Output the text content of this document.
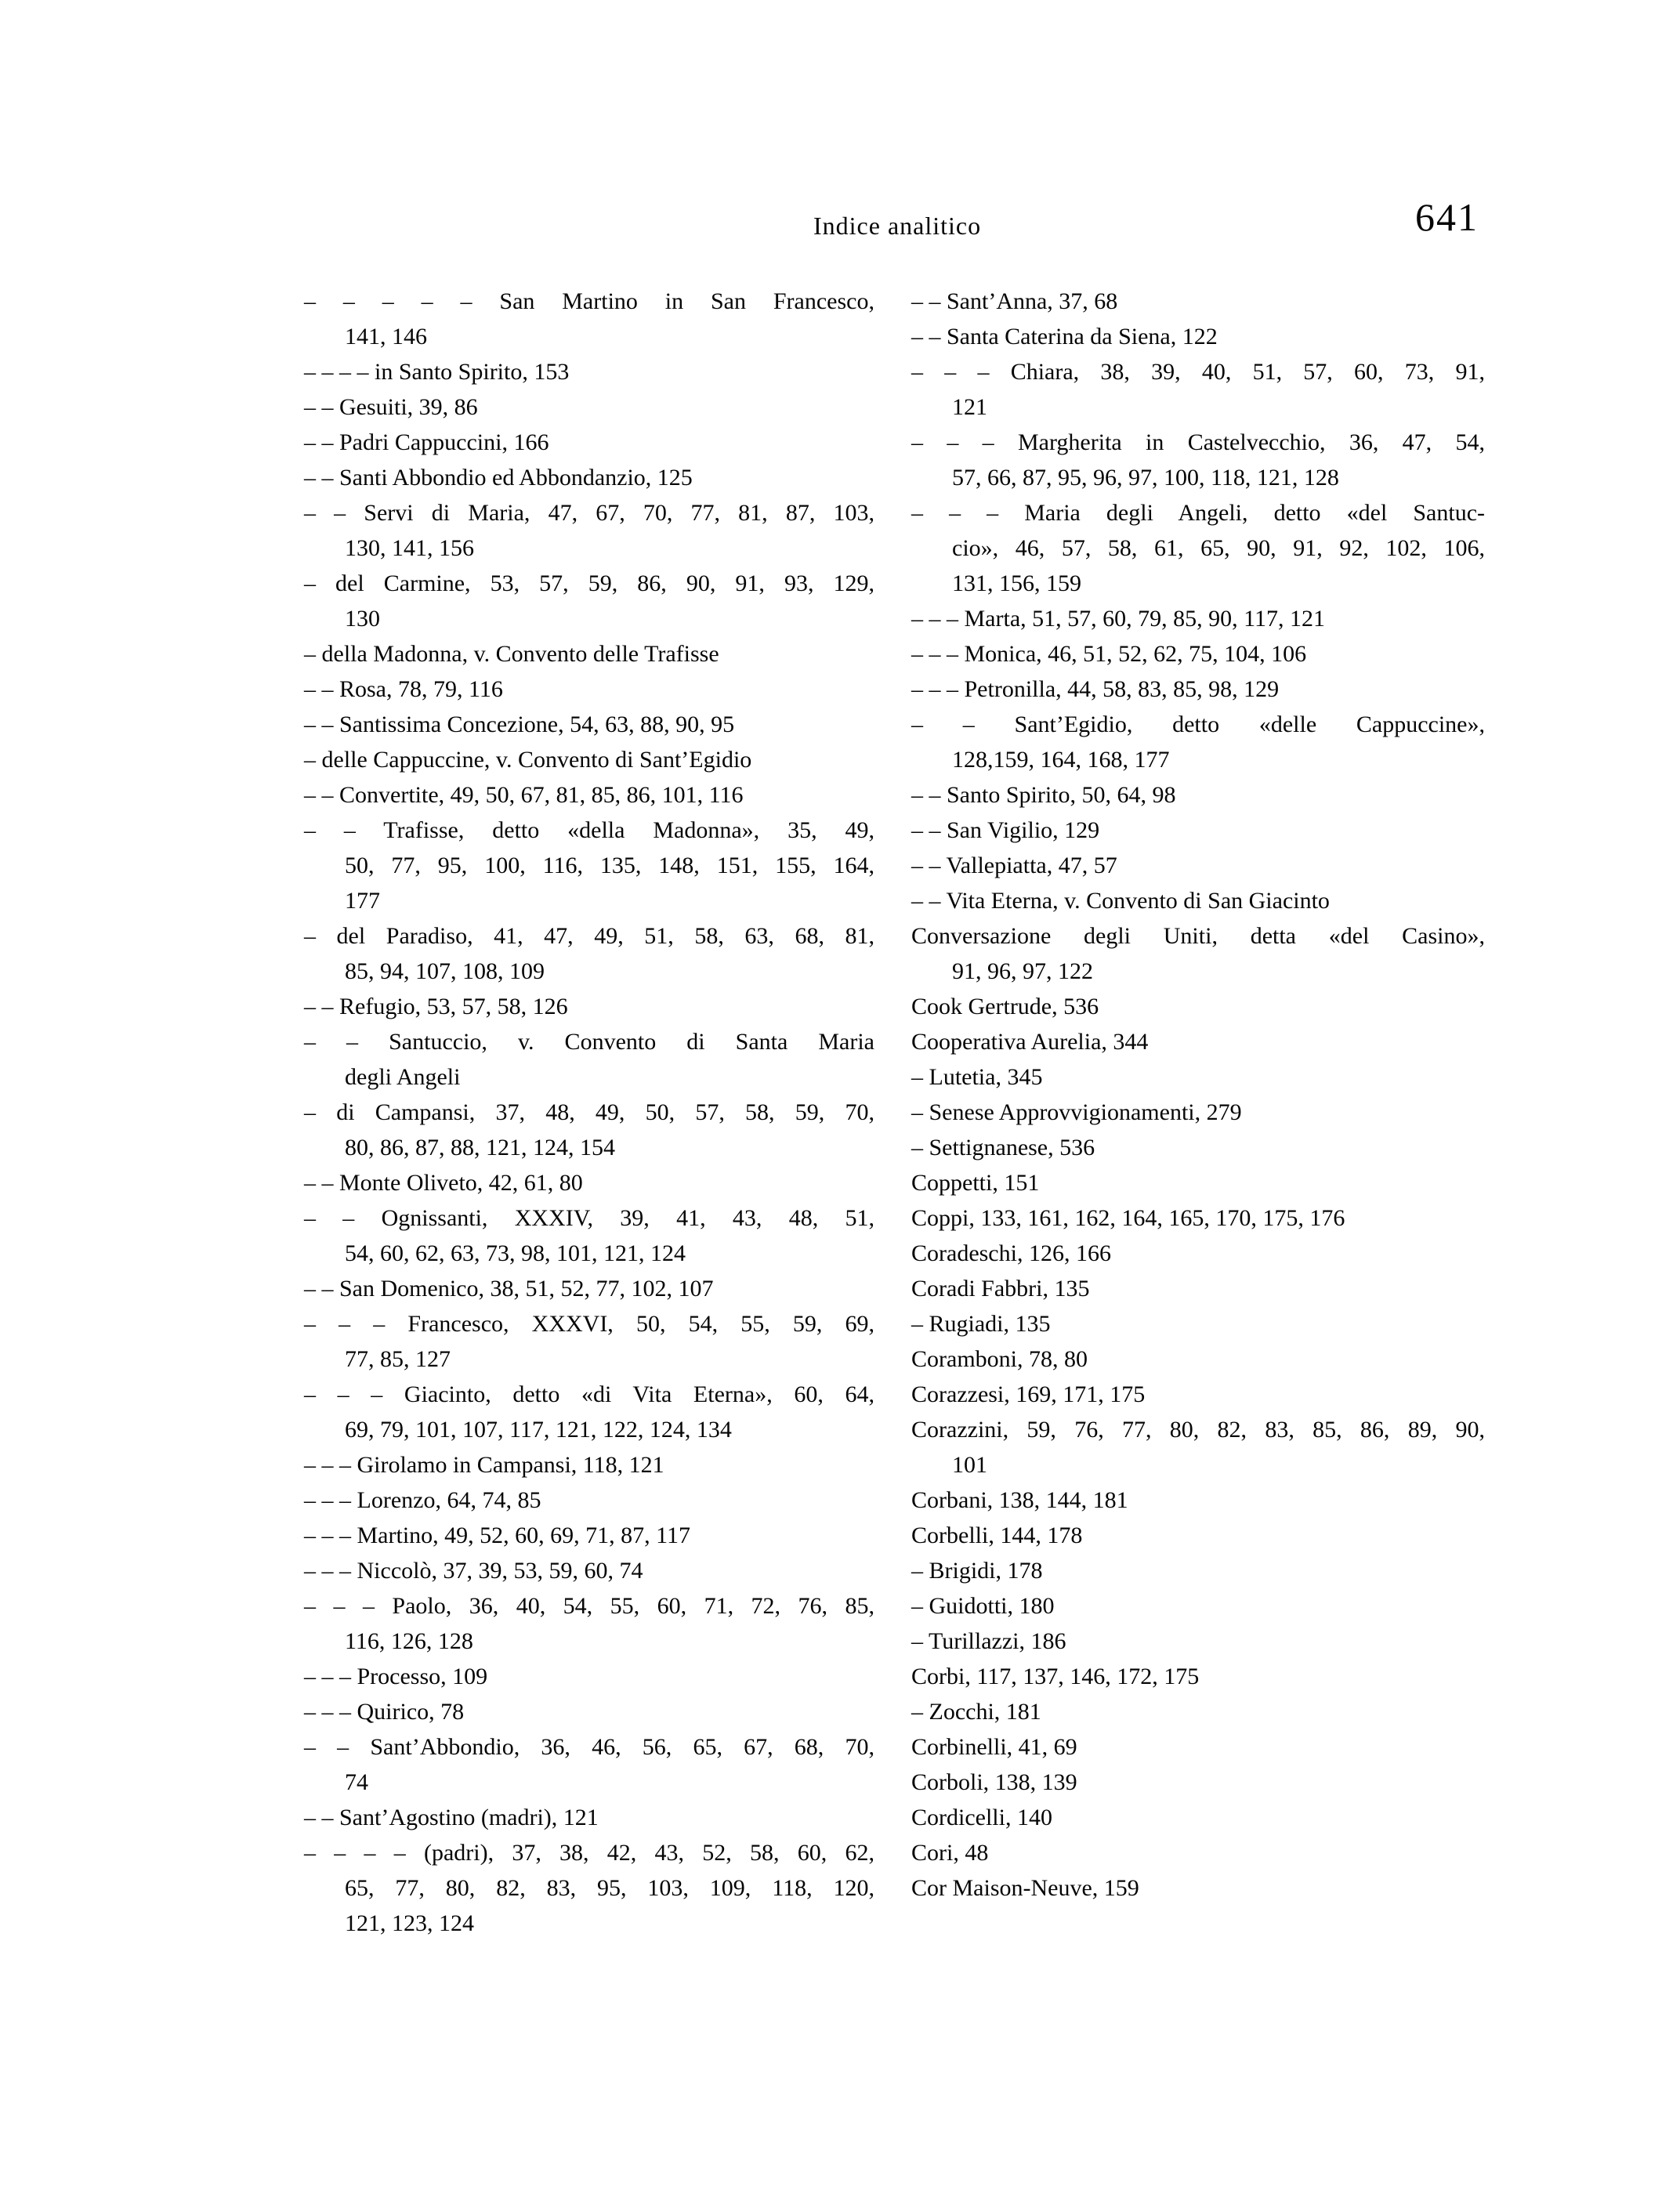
Indice analitico	641

– – – – – San Martino in San Francesco,
141, 146

– – – – in Santo Spirito, 153

– – Gesuiti, 39, 86

– – Padri Cappuccini, 166

– – Santi Abbondio ed Abbondanzio, 125

– – Servi di Maria, 47, 67, 70, 77, 81, 87, 103,
130, 141, 156

– del Carmine, 53, 57, 59, 86, 90, 91, 93, 129,
130

– della Madonna, v. Convento delle Trafisse

– – Rosa, 78, 79, 116

– – Santissima Concezione, 54, 63, 88, 90, 95

– delle Cappuccine, v. Convento di Sant’Egidio

– – Convertite, 49, 50, 67, 81, 85, 86, 101, 116

– – Trafisse, detto «della Madonna», 35, 49,
50, 77, 95, 100, 116, 135, 148, 151, 155, 164,
177

– del Paradiso, 41, 47, 49, 51, 58, 63, 68, 81,
85, 94, 107, 108, 109

– – Refugio, 53, 57, 58, 126

– – Santuccio, v. Convento di Santa Maria
degli Angeli

– di Campansi, 37, 48, 49, 50, 57, 58, 59, 70,
80, 86, 87, 88, 121, 124, 154

– – Monte Oliveto, 42, 61, 80

– – Ognissanti, XXXIV, 39, 41, 43, 48, 51,
54, 60, 62, 63, 73, 98, 101, 121, 124

– – San Domenico, 38, 51, 52, 77, 102, 107

– – – Francesco, XXXVI, 50, 54, 55, 59, 69,
77, 85, 127

– – – Giacinto, detto «di Vita Eterna», 60, 64,
69, 79, 101, 107, 117, 121, 122, 124, 134

– – – Girolamo in Campansi, 118, 121

– – – Lorenzo, 64, 74, 85

– – – Martino, 49, 52, 60, 69, 71, 87, 117

– – – Niccolò, 37, 39, 53, 59, 60, 74

– – – Paolo, 36, 40, 54, 55, 60, 71, 72, 76, 85,
116, 126, 128

– – – Processo, 109

– – – Quirico, 78

– – Sant’Abbondio, 36, 46, 56, 65, 67, 68, 70,
74

– – Sant’Agostino (madri), 121

– – – – (padri), 37, 38, 42, 43, 52, 58, 60, 62,
65, 77, 80, 82, 83, 95, 103, 109, 118, 120,
121, 123, 124

– – Sant’Anna, 37, 68

– – Santa Caterina da Siena, 122

– – – Chiara, 38, 39, 40, 51, 57, 60, 73, 91,
121

– – – Margherita in Castelvecchio, 36, 47, 54,
57, 66, 87, 95, 96, 97, 100, 118, 121, 128

– – – Maria degli Angeli, detto «del Santuc-
cio», 46, 57, 58, 61, 65, 90, 91, 92, 102, 106,
131, 156, 159

– – – Marta, 51, 57, 60, 79, 85, 90, 117, 121

– – – Monica, 46, 51, 52, 62, 75, 104, 106

– – – Petronilla, 44, 58, 83, 85, 98, 129

– – Sant’Egidio, detto «delle Cappuccine»,
128,159, 164, 168, 177

– – Santo Spirito, 50, 64, 98

– – San Vigilio, 129

– – Vallepiatta, 47, 57

– – Vita Eterna, v. Convento di San Giacinto

Conversazione degli Uniti, detta «del Casino»,
91, 96, 97, 122

Cook Gertrude, 536

Cooperativa Aurelia, 344

– Lutetia, 345

– Senese Approvvigionamenti, 279

– Settignanese, 536

Coppetti, 151

Coppi, 133, 161, 162, 164, 165, 170, 175, 176

Coradeschi, 126, 166

Coradi Fabbri, 135

– Rugiadi, 135

Coramboni, 78, 80

Corazzesi, 169, 171, 175

Corazzini, 59, 76, 77, 80, 82, 83, 85, 86, 89, 90,
101

Corbani, 138, 144, 181

Corbelli, 144, 178

– Brigidi, 178

– Guidotti, 180

– Turillazzi, 186

Corbi, 117, 137, 146, 172, 175

– Zocchi, 181

Corbinelli, 41, 69

Corboli, 138, 139

Cordicelli, 140

Cori, 48

Cor Maison-Neuve, 159
